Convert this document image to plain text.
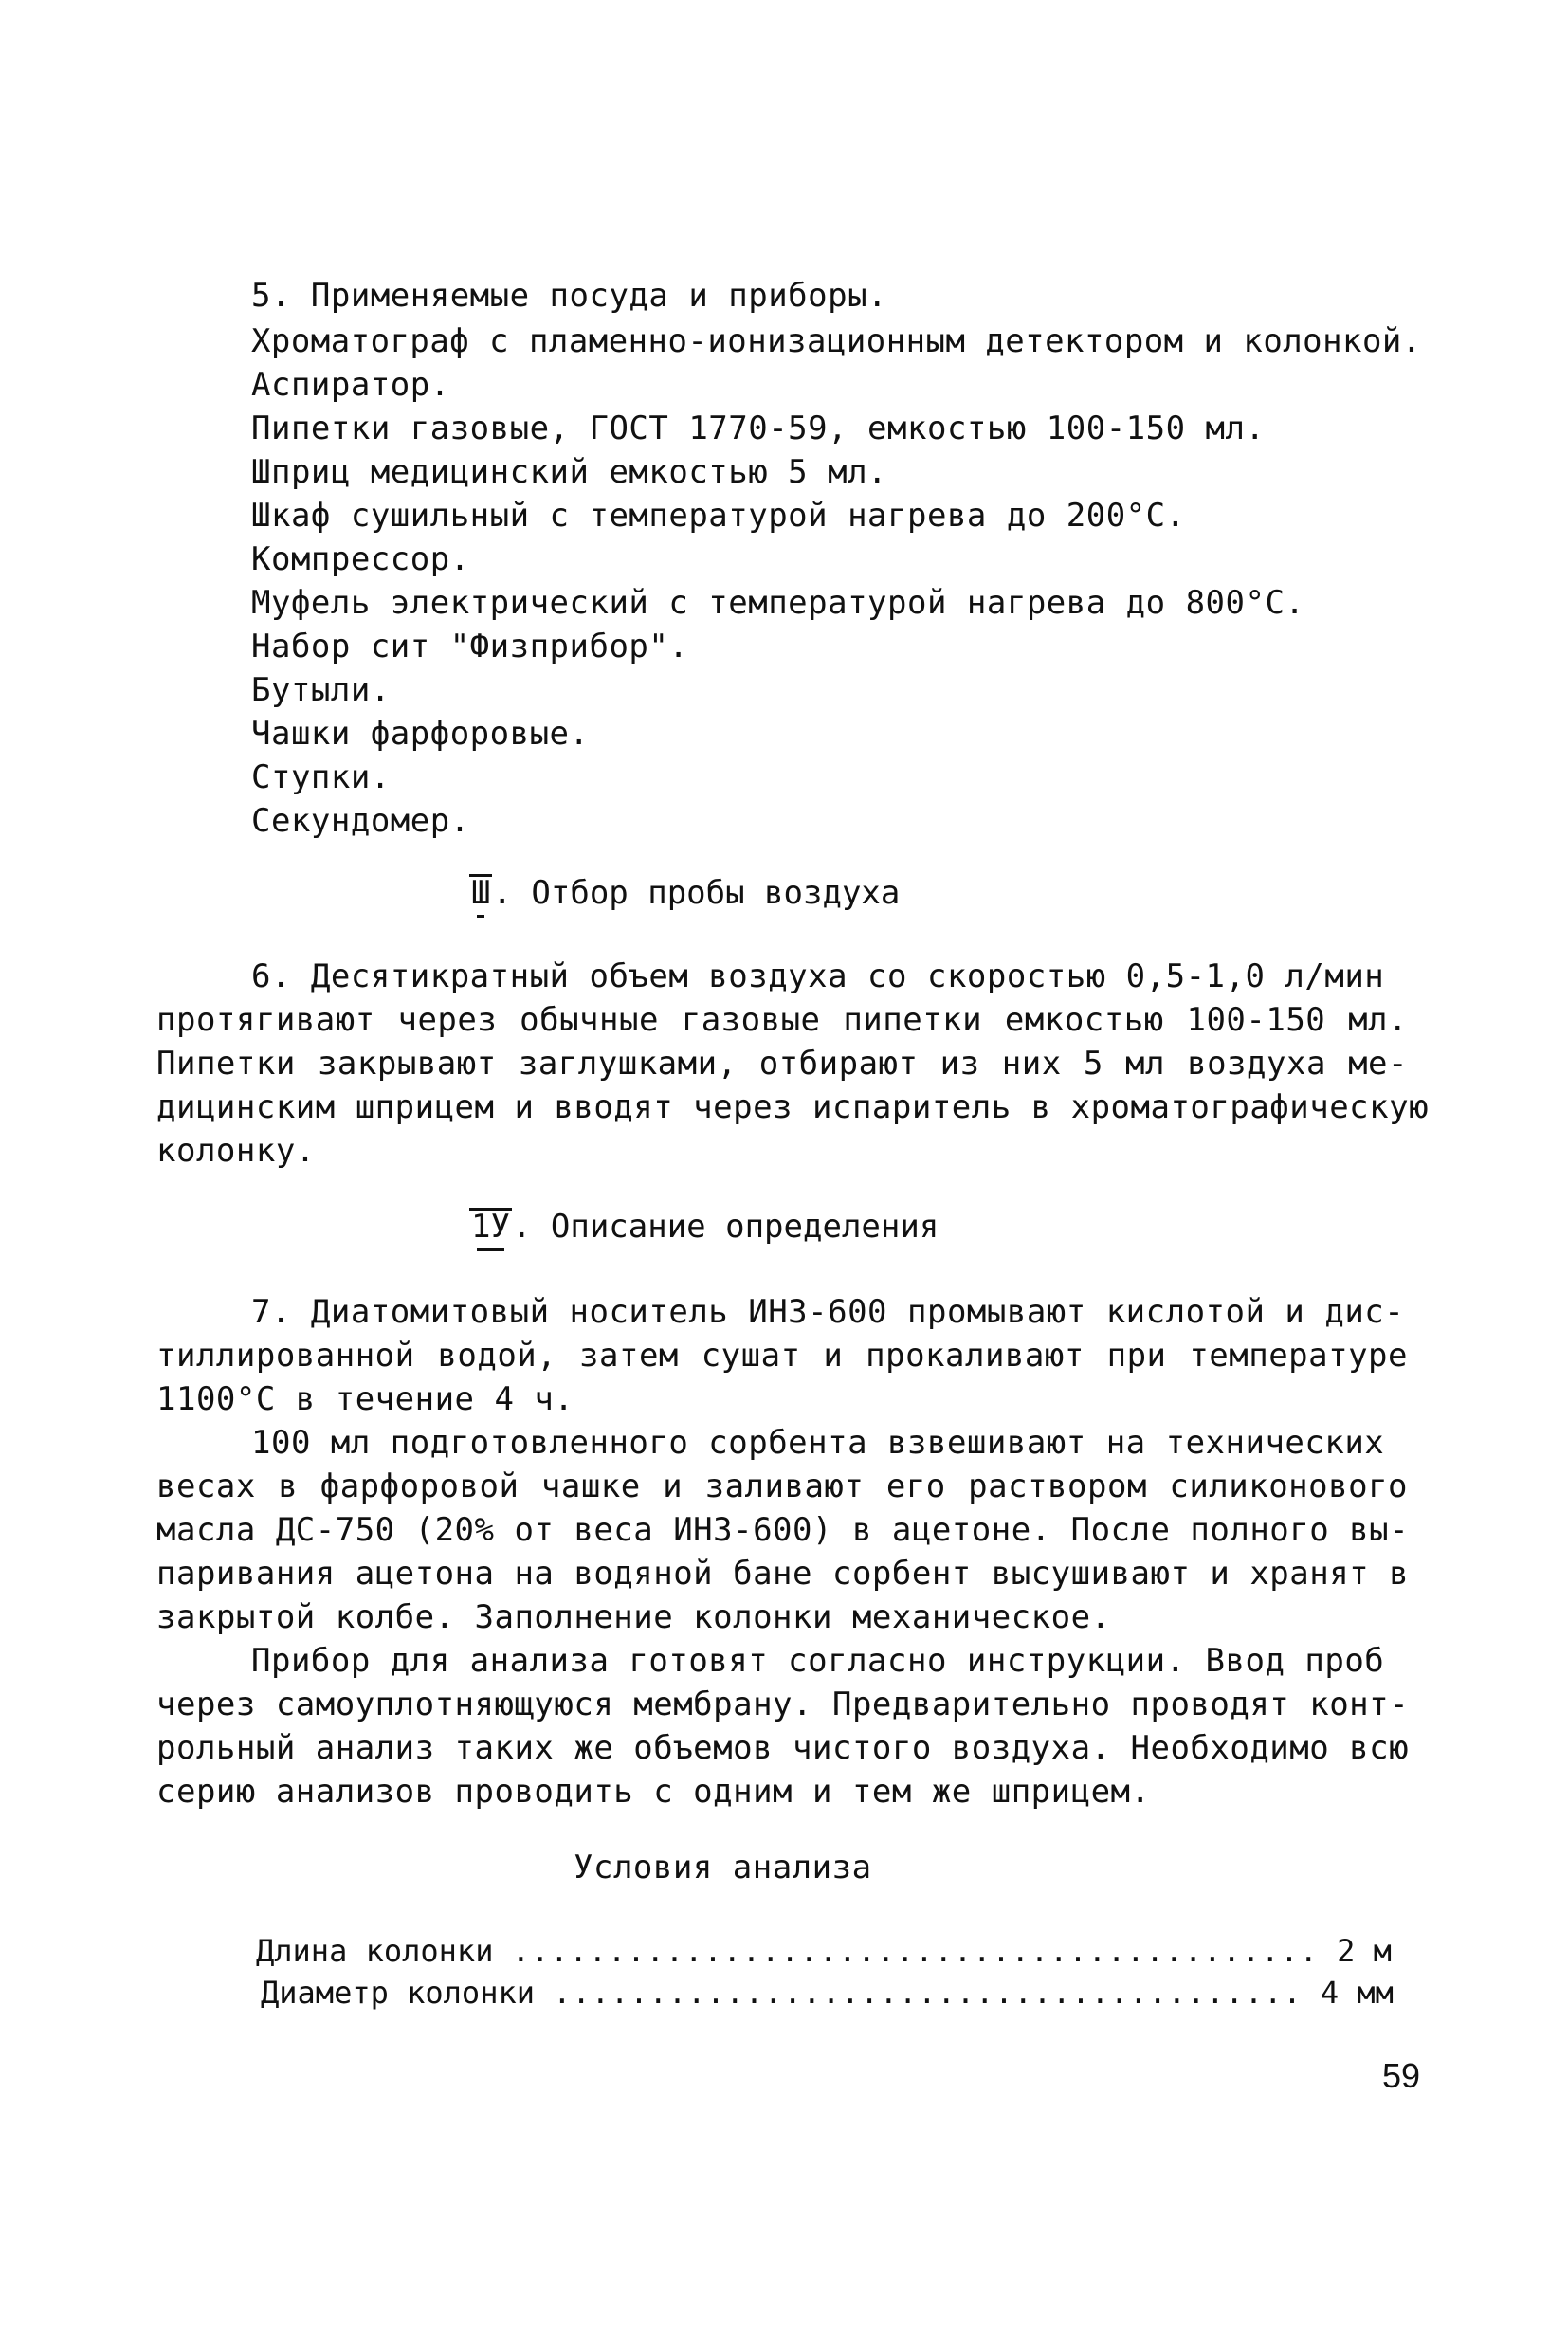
5. Применяемые посуда и приборы.
Хроматограф с пламенно-ионизационным детектором и колонкой.
Аспиратор.
Пипетки газовые, ГОСТ 1770-59, емкостью 100-150 мл.
Шприц медицинский емкостью 5 мл.
Шкаф сушильный с температурой нагрева до 200°С.
Компрессор.
Муфель электрический с температурой нагрева до 800°С.
Набор сит "Физприбор".
Бутыли.
Чашки фарфоровые.
Ступки.
Секундомер.
Ш. Отбор пробы воздуха
6. Десятикратный объем воздуха со скоростью 0,5-1,0 л/мин
протягивают через обычные газовые пипетки емкостью 100-150 мл.
Пипетки закрывают заглушками, отбирают из них 5 мл воздуха ме-
дицинским шприцем и вводят через испаритель в хроматографическую
колонку.
1У. Описание определения
7. Диатомитовый носитель ИНЗ-600 промывают кислотой и дис-
тиллированной водой, затем сушат и прокаливают при температуре
1100°С в течение 4 ч.
100 мл подготовленного сорбента взвешивают на технических
весах в фарфоровой чашке и заливают его раствором силиконового
масла ДС-750 (20% от веса ИНЗ-600) в ацетоне. После полного вы-
паривания ацетона на водяной бане сорбент высушивают и хранят в
закрытой колбе. Заполнение колонки механическое.
Прибор для анализа готовят согласно инструкции. Ввод проб
через самоуплотняющуюся мембрану. Предварительно проводят конт-
рольный анализ таких же объемов чистого воздуха. Необходимо всю
серию анализов проводить с одним и тем же шприцем.
Условия анализа
Длина колонки .......................................... 2 м
Диаметр колонки ....................................... 4 мм
59
